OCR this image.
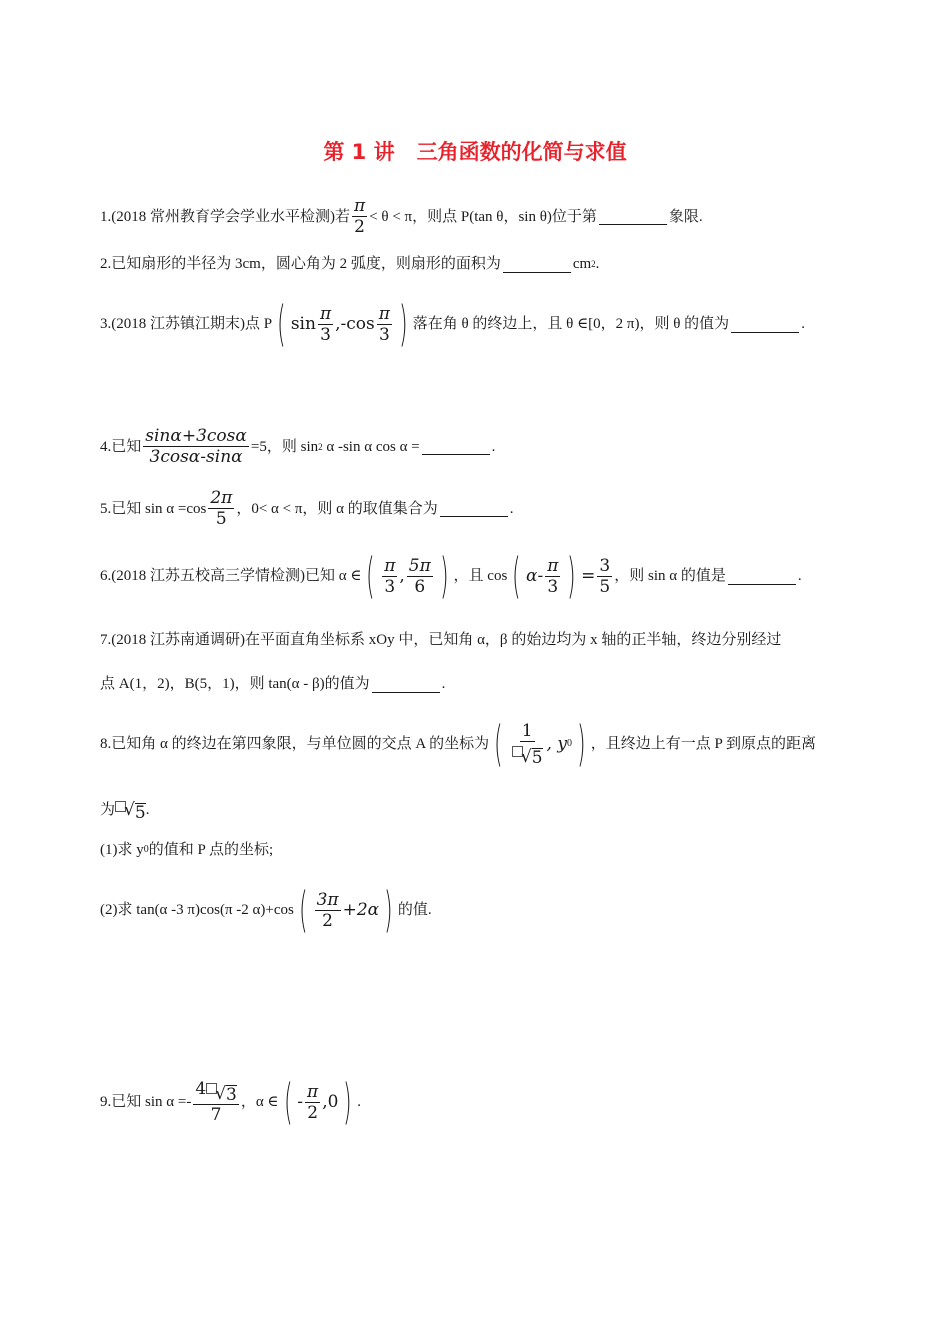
第 1 讲 三角函数的化简与求值
1.(2018 常州教育学会学业水平检测)若 $\frac{\pi}{2} < \theta < \pi$，则点 P(tan θ，sin θ)位于第	象限.
2.已知扇形的半径为 3cm，圆心角为 2 弧度，则扇形的面积为	cm 2 .
3.(2018 江苏镇江期末)点 P ( $\sin \frac{\pi}{3} ,-\cos \frac{\pi}{3}$ ) 落在角 θ 的终边上，且 θ ∈[0，2 π)，则 θ 的值为	.
4.已知 $\frac{\sin\alpha+3\cos\alpha}{3\cos\alpha-\sin\alpha} =5$，则 sin 2 α -sin α cos α =	.
5.已知 $\sin \alpha =\cos \frac{2\pi}{5}$ ，0< α < π，则 α 的取值集合为	.
6.(2018 江苏五校高三学情检测)已知 α ∈ ( $\frac{\pi}{3}$ , $\frac{5\pi}{6}$ ) ，且 cos ( $\alpha- \frac{\pi}{3}$ ) = $\frac{3}{5}$ ，则 sin α 的值是	.
7.(2018 江苏南通调研)在平面直角坐标系 xOy 中，已知角 α，β 的始边均为 x 轴的正半轴，终边分别经过
点 A(1，2)，B(5，1)，则 tan(α - β)的值为	.
8.已知角 α 的终边在第四象限，与单位圆的交点 A 的坐标为 ( $\frac{1}{√ 5}$ , y 0 ) ，且终边上有一点 P 到原点的距离
为 √ 5 .
(1)求 y 0 的值和 P 点的坐标;
(2)求 tan(α -3 π)cos(π -2 α)+cos ( $\frac{3\pi}{2} +2\alpha$ ) 的值.
9.已知 $\sin \alpha =- \frac{4 √ 3}{7}$ ，α ∈ ( - $\frac{\pi}{2} ,0$ ) .
